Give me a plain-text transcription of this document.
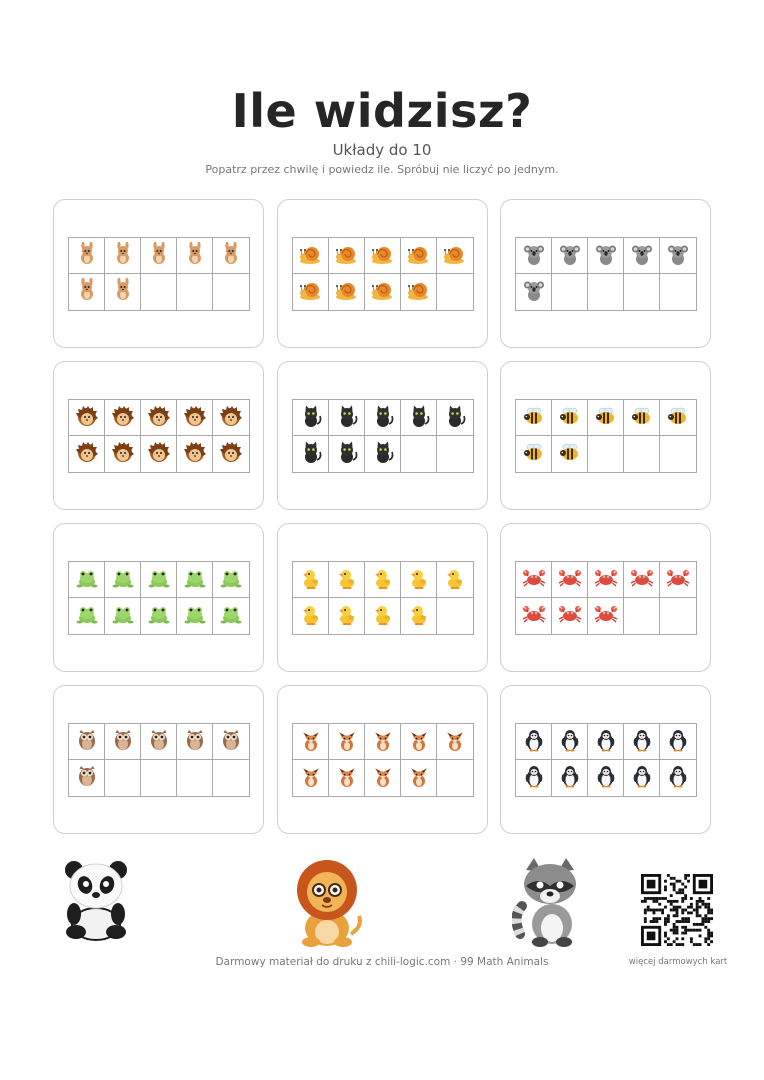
Ile widzisz?
Układy do 10
Popatrz przez chwilę i powiedz ile. Spróbuj nie liczyć po jednym.
Darmowy materiał do druku z chili-logic.com · 99 Math Animals	więcej darmowych kart
